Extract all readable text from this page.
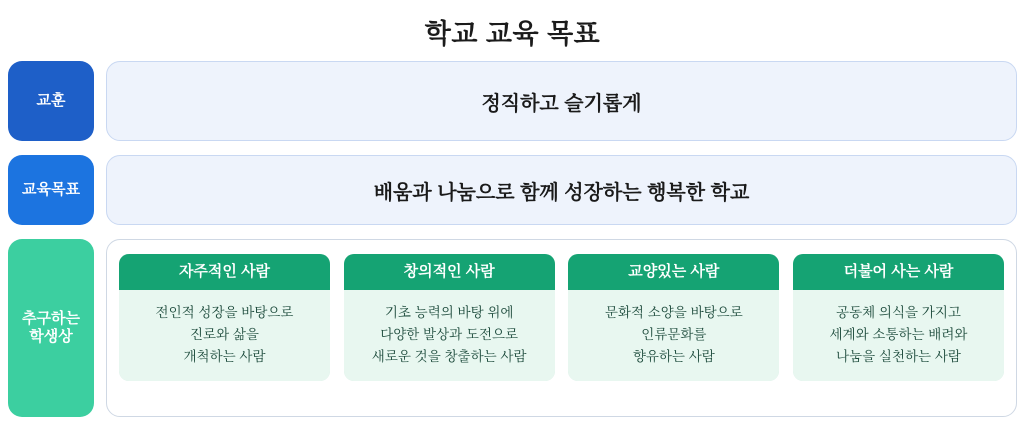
학교 교육 목표
교훈	정직하고 슬기롭게
교육목표	배움과 나눔으로 함께 성장하는 행복한 학교
추구하는
학생상
자주적인 사람
전인적 성장을 바탕으로
진로와 삶을
개척하는 사람
창의적인 사람
기초 능력의 바탕 위에
다양한 발상과 도전으로
새로운 것을 창출하는 사람
교양있는 사람
문화적 소양을 바탕으로
인류문화를
향유하는 사람
더불어 사는 사람
공동체 의식을 가지고
세계와 소통하는 배려와
나눔을 실천하는 사람
